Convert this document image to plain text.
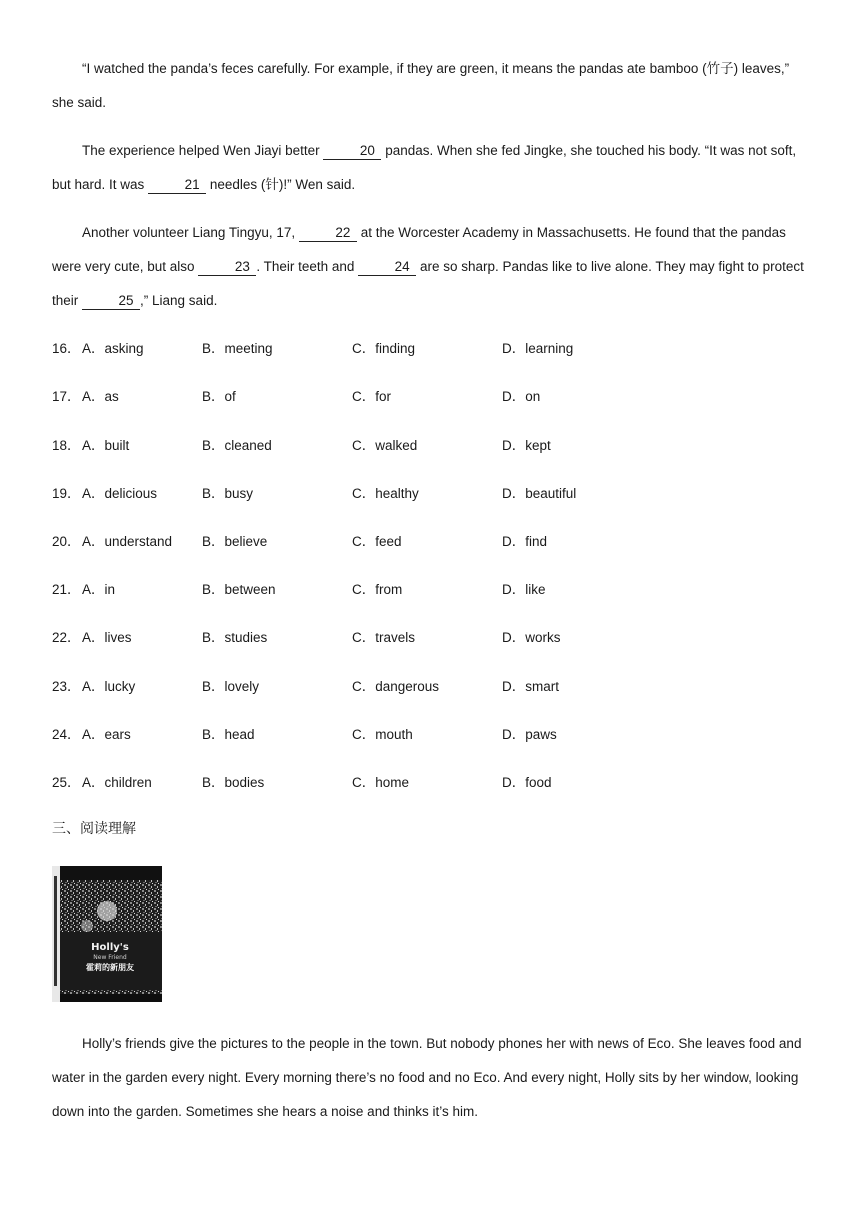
“I watched the panda’s feces carefully. For example, if they are green, it means the pandas ate bamboo (竹子) leaves,” she said.
The experience helped Wen Jiayi better	20 pandas. When she fed Jingke, she touched his body. “It was not soft, but hard. It was	21 needles (针)!” Wen said.
Another volunteer Liang Tingyu, 17,	22 at the Worcester Academy in Massachusetts. He found that the pandas were very cute, but also	23 . Their teeth and	24 are so sharp. Pandas like to live alone. They may fight to protect their	25 ,” Liang said.
16． A．asking	B．meeting	C．finding	D．learning
17． A．as	B．of	C．for	D．on
18． A．built	B．cleaned	C．walked	D．kept
19． A．delicious	B．busy	C．healthy	D．beautiful
20． A．understand B．believe	C．feed	D．find
21． A．in	B．between	C．from	D．like
22． A．lives	B．studies	C．travels	D．works
23． A．lucky	B．lovely	C．dangerous	D．smart
24． A．ears	B．head	C．mouth	D．paws
25． A．children	B．bodies	C．home	D．food
三、阅读理解
Holly's
New Friend
霍莉的新朋友
Holly’s friends give the pictures to the people in the town. But nobody phones her with news of Eco. She leaves food and water in the garden every night. Every morning there’s no food and no Eco. And every night, Holly sits by her window, looking down into the garden. Sometimes she hears a noise and thinks it’s him.
